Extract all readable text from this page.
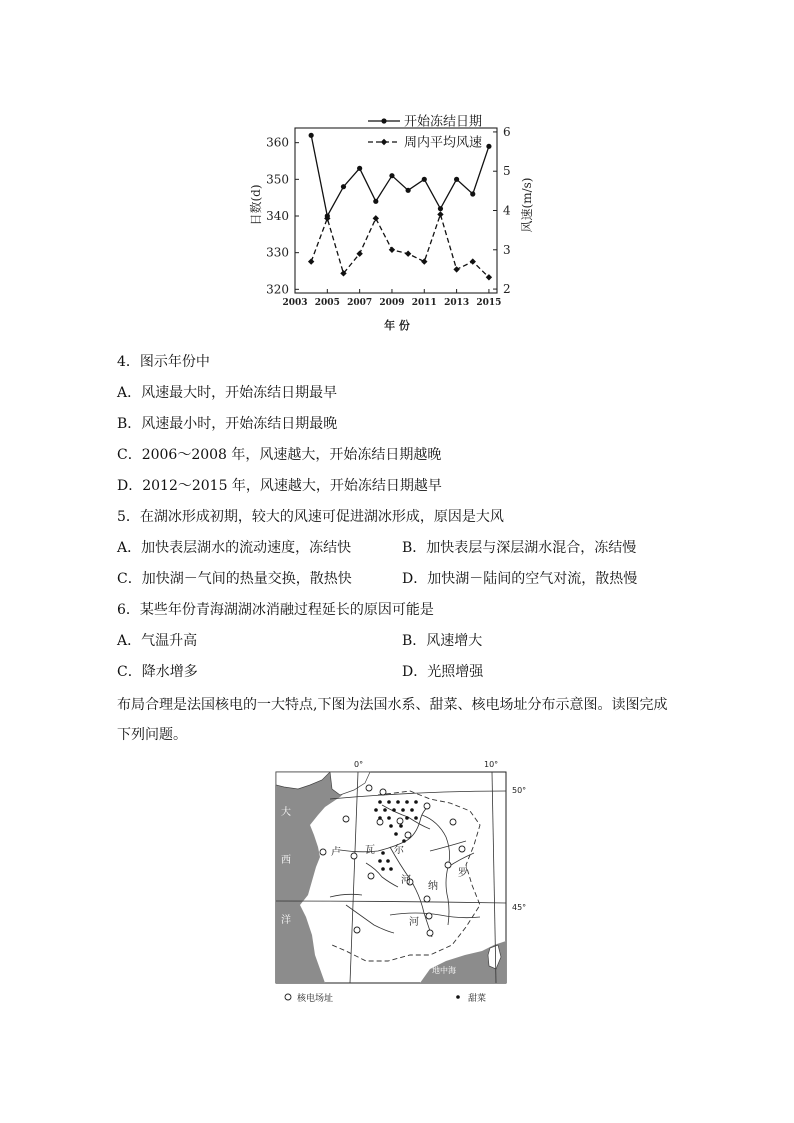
320
330
340
350
360
2
3
4
5
6
2003 2005 2007 2009 2011 2013 2015
开始冻结日期
周内平均风速
日数(d)	风速(m/s)
年 份
4．图示年份中
A．风速最大时，开始冻结日期最早
B．风速最小时，开始冻结日期最晚
C．2006～2008 年，风速越大，开始冻结日期越晚
D．2012～2015 年，风速越大，开始冻结日期越早
5．在湖冰形成初期，较大的风速可促进湖冰形成，原因是大风
A．加快表层湖水的流动速度，冻结快	B．加快表层与深层湖水混合，冻结慢
C．加快湖－气间的热量交换，散热快	D．加快湖－陆间的空气对流，散热慢
6．某些年份青海湖湖冰消融过程延长的原因可能是
A．气温升高	B．风速增大
C．降水增多	D．光照增强
布局合理是法国核电的一大特点,下图为法国水系、甜菜、核电场址分布示意图。读图完成下列问题。
0°	10°
50°
45°
大
西
洋
卢 瓦 尔
河
罗
纳
河
地中海
核电场址	甜菜
